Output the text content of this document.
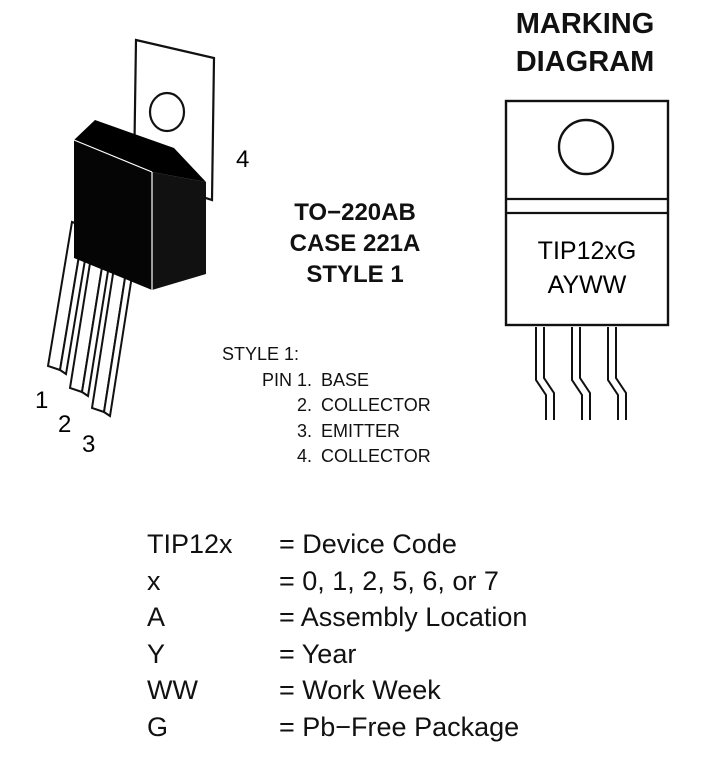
4
1
2
3
TO−220AB
CASE 221A
STYLE 1
MARKING
DIAGRAM
TIP12xG
AYWW
STYLE 1:
PIN 1. BASE
2. COLLECTOR
3. EMITTER
4. COLLECTOR
TIP12x = Device Code
x	= 0, 1, 2, 5, 6, or 7
A	= Assembly Location
Y	= Year
WW	= Work Week
G	= Pb−Free Package
